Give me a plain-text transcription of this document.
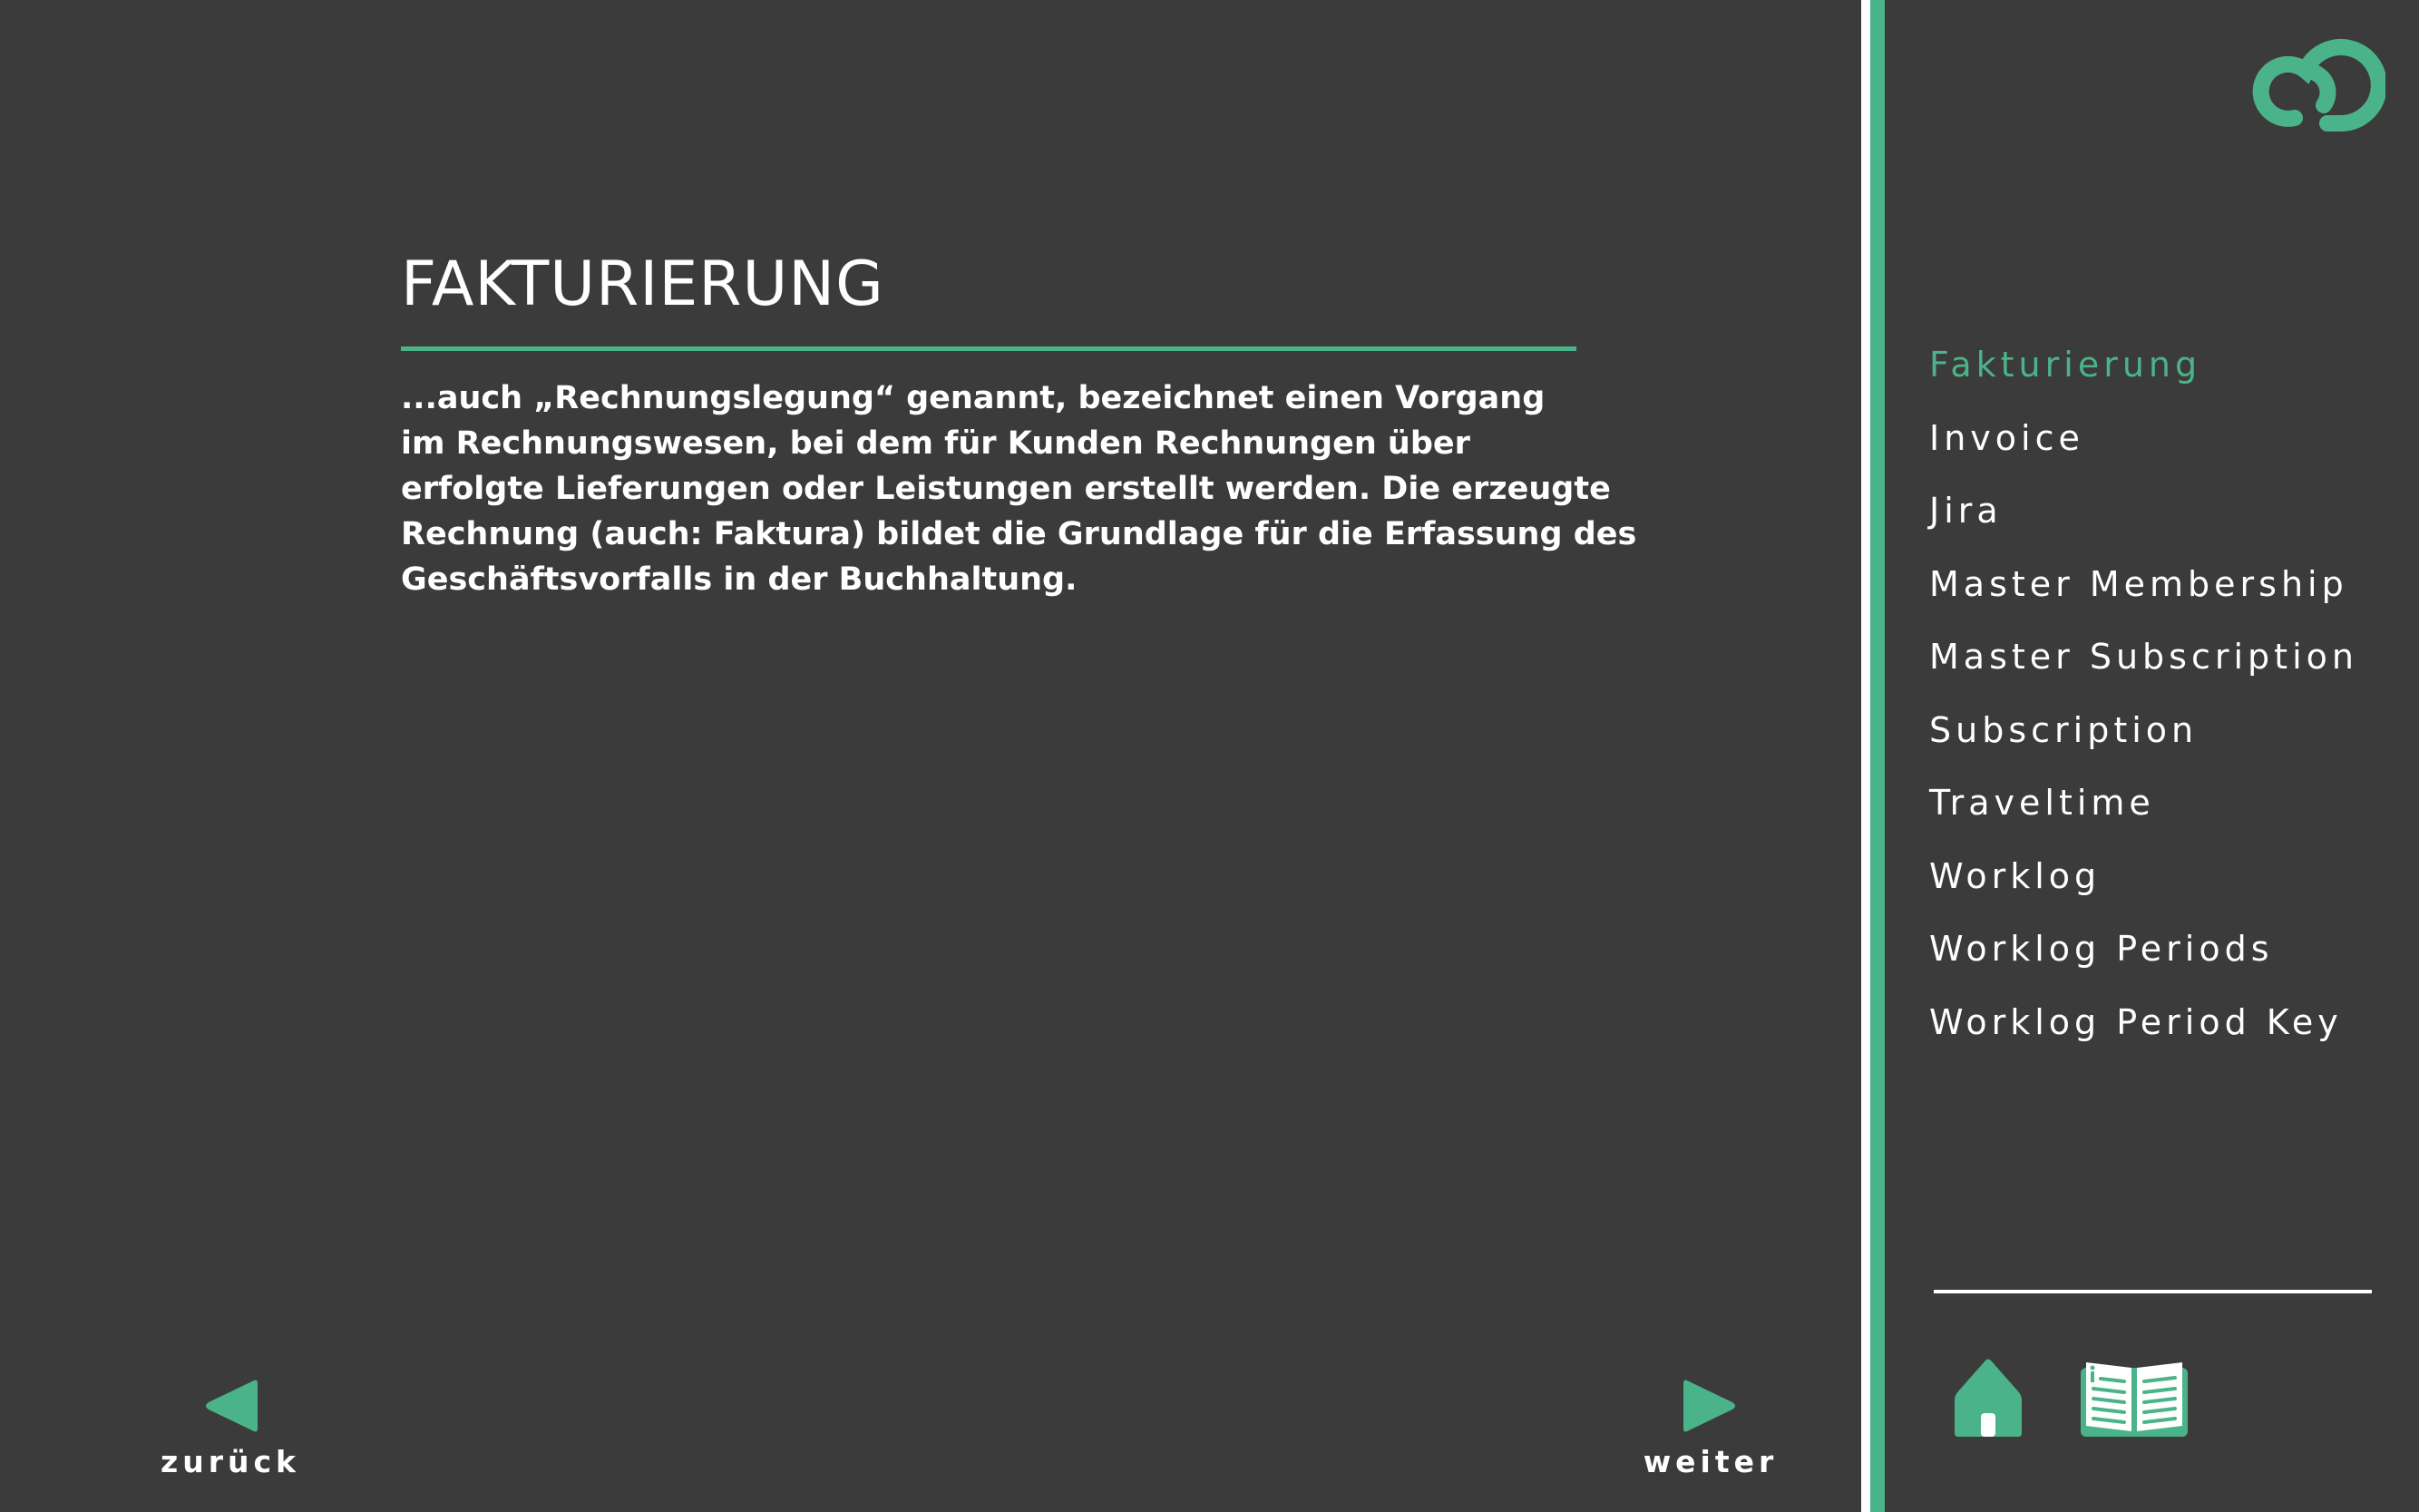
FAKTURIERUNG
...auch „Rechnungslegung“ genannt, bezeichnet einen Vorgang
im Rechnungswesen, bei dem für Kunden Rechnungen über
erfolgte Lieferungen oder Leistungen erstellt werden. Die erzeugte
Rechnung (auch: Faktura) bildet die Grundlage für die Erfassung des
Geschäftsvorfalls in der Buchhaltung.
zurück	weiter
Fakturierung
Invoice
Jira
Master Membership
Master Subscription
Subscription
Traveltime
Worklog
Worklog Periods
Worklog Period Key
